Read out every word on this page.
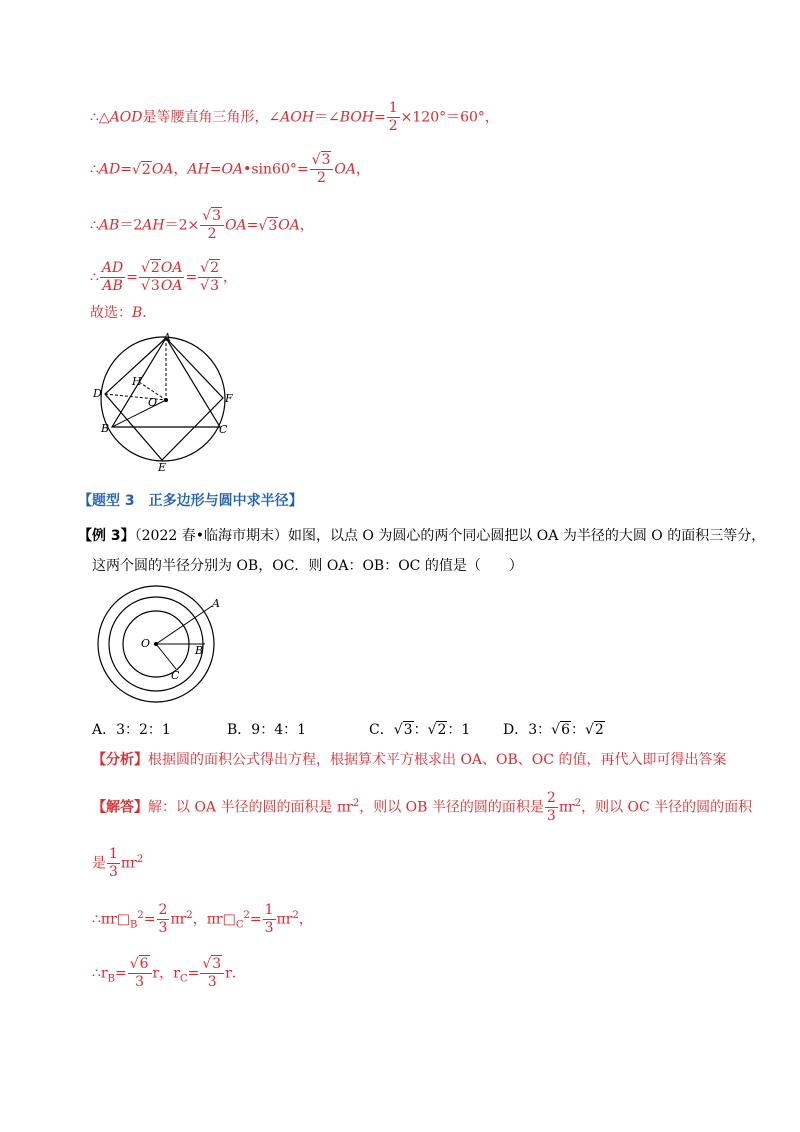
∴△AOD是等腰直角三角形，∠AOH＝∠BOH= $\frac{1}{2} \times 120^\circ=60^\circ$，
∴AD=√2OA，AH=OA•sin60°= $\frac{√3}{2}$ OA，
∴AB＝2AH＝2× $\frac{√3}{2} OA=√3OA$，
∴ $\frac{AD}{AB} = \frac{√2OA}{√3OA} = \frac{√2}{√3}$ ，
故选：B．
A
D
H
O	F
B	C
E
【题型 3　正多边形与圆中求半径】
【例 3】（2022 春•临海市期末）如图，以点 O 为圆心的两个同心圆把以 OA 为半径的大圆 O 的面积三等分，
这两个圆的半径分别为 OB，OC．则 OA：OB：OC 的值是（　　）
O
A
B
C
A．3：2：1	B．9：4：1	C．√3：√2：1 D．3：√6：√2
【分析】根据圆的面积公式得出方程，根据算术平方根求出 OA、OB、OC 的值，再代入即可得出答案
【解答】解：以 OA 半径的圆的面积是 $\pi r^2$，则以 OB 半径的圆的面积是 $\frac{2}{3} \pi r^2$，则以 OC 半径的圆的面积
是 $\frac{1}{3} \pi r^2$
$\therefore\pi r□_B^2= \frac{2}{3} \pi r^2$，$\pi r□_C^2= \frac{1}{3} \pi r^2$，
$\therefore r_B= \frac{√6}{3}$ r，$r_C= \frac{√3}{3}$ r．
